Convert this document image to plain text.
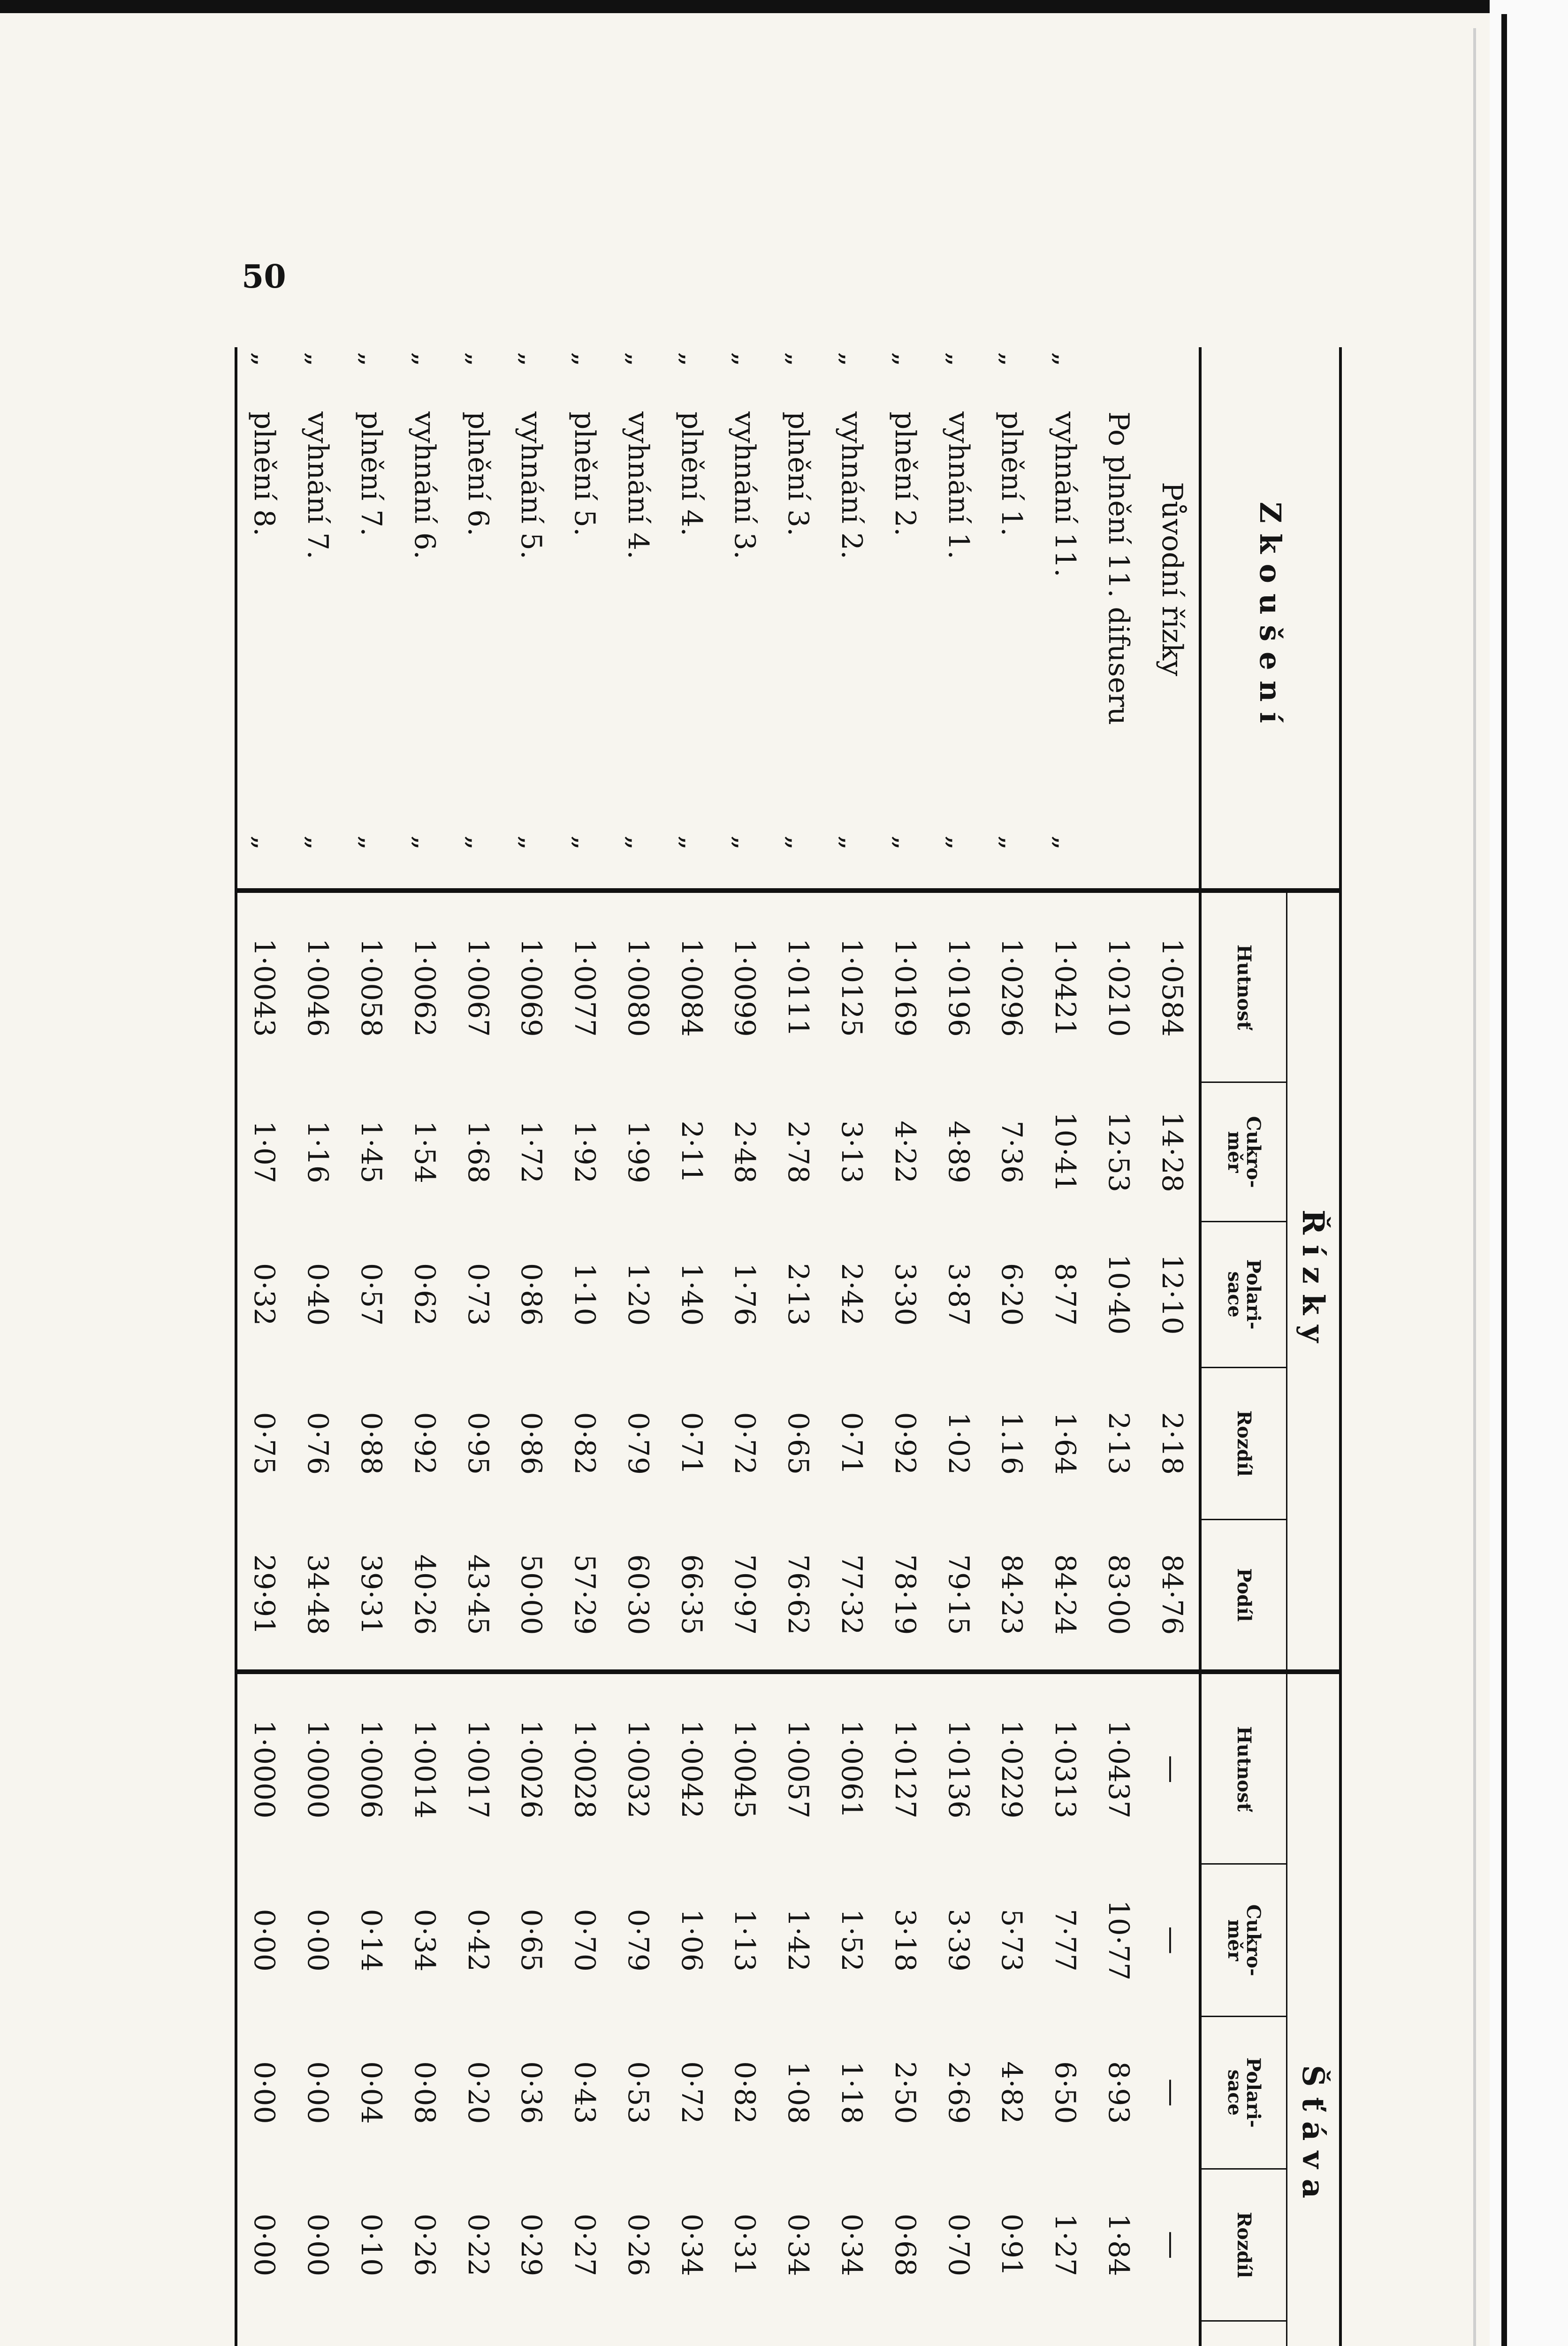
50
Zkoušení			Řízky					Šťáva					
			Hutnosť	Cukro-
měr	Polari-
sace	Rozdíl	Podíl	Hutnosť	Cukro-
měr	Polari-
sace	Rozdíl		
	Původní řízky		1·0584	14·28	12·10	2·18	84·76	—	—	—	—		
	Po plnění 11. difuseru		1·0210	12·53	10·40	2·13	83·00	1·0437	10·77	8·93	1·84		
„	vyhnání 11.	„	1·0421	10·41	8·77	1·64	84·24	1·0313	7·77	6·50	1·27		
„	plnění 1.	„	1·0296	7·36	6·20	1.16	84·23	1·0229	5·73	4·82	0·91		
„	vyhnání 1.	„	1·0196	4·89	3·87	1·02	79·15	1·0136	3·39	2·69	0·70		
„	plnění 2.	„	1·0169	4·22	3·30	0·92	78·19	1·0127	3·18	2·50	0·68		
„	vyhnání 2.	„	1·0125	3·13	2·42	0·71	77·32	1·0061	1·52	1·18	0·34		
„	plnění 3.	„	1·0111	2·78	2·13	0·65	76·62	1·0057	1·42	1·08	0·34		
„	vyhnání 3.	„	1·0099	2·48	1·76	0·72	70·97	1·0045	1·13	0·82	0·31		
„	plnění 4.	„	1·0084	2·11	1·40	0·71	66·35	1·0042	1·06	0·72	0·34		
„	vyhnání 4.	„	1·0080	1·99	1·20	0·79	60·30	1·0032	0·79	0·53	0·26		
„	plnění 5.	„	1·0077	1·92	1·10	0·82	57·29	1·0028	0·70	0·43	0·27		
„	vyhnání 5.	„	1·0069	1·72	0·86	0·86	50·00	1·0026	0·65	0·36	0·29		
„	plnění 6.	„	1·0067	1·68	0·73	0·95	43·45	1·0017	0·42	0·20	0·22		
„	vyhnání 6.	„	1·0062	1·54	0·62	0·92	40·26	1·0014	0·34	0·08	0·26		
„	plnění 7.	„	1·0058	1·45	0·57	0·88	39·31	1·0006	0·14	0·04	0·10		
„	vyhnání 7.	„	1·0046	1·16	0·40	0·76	34·48	1·0000	0·00	0·00	0·00		
„	plnění 8.	„	1·0043	1·07	0·32	0·75	29·91	1·0000	0·00	0·00	0·00		
